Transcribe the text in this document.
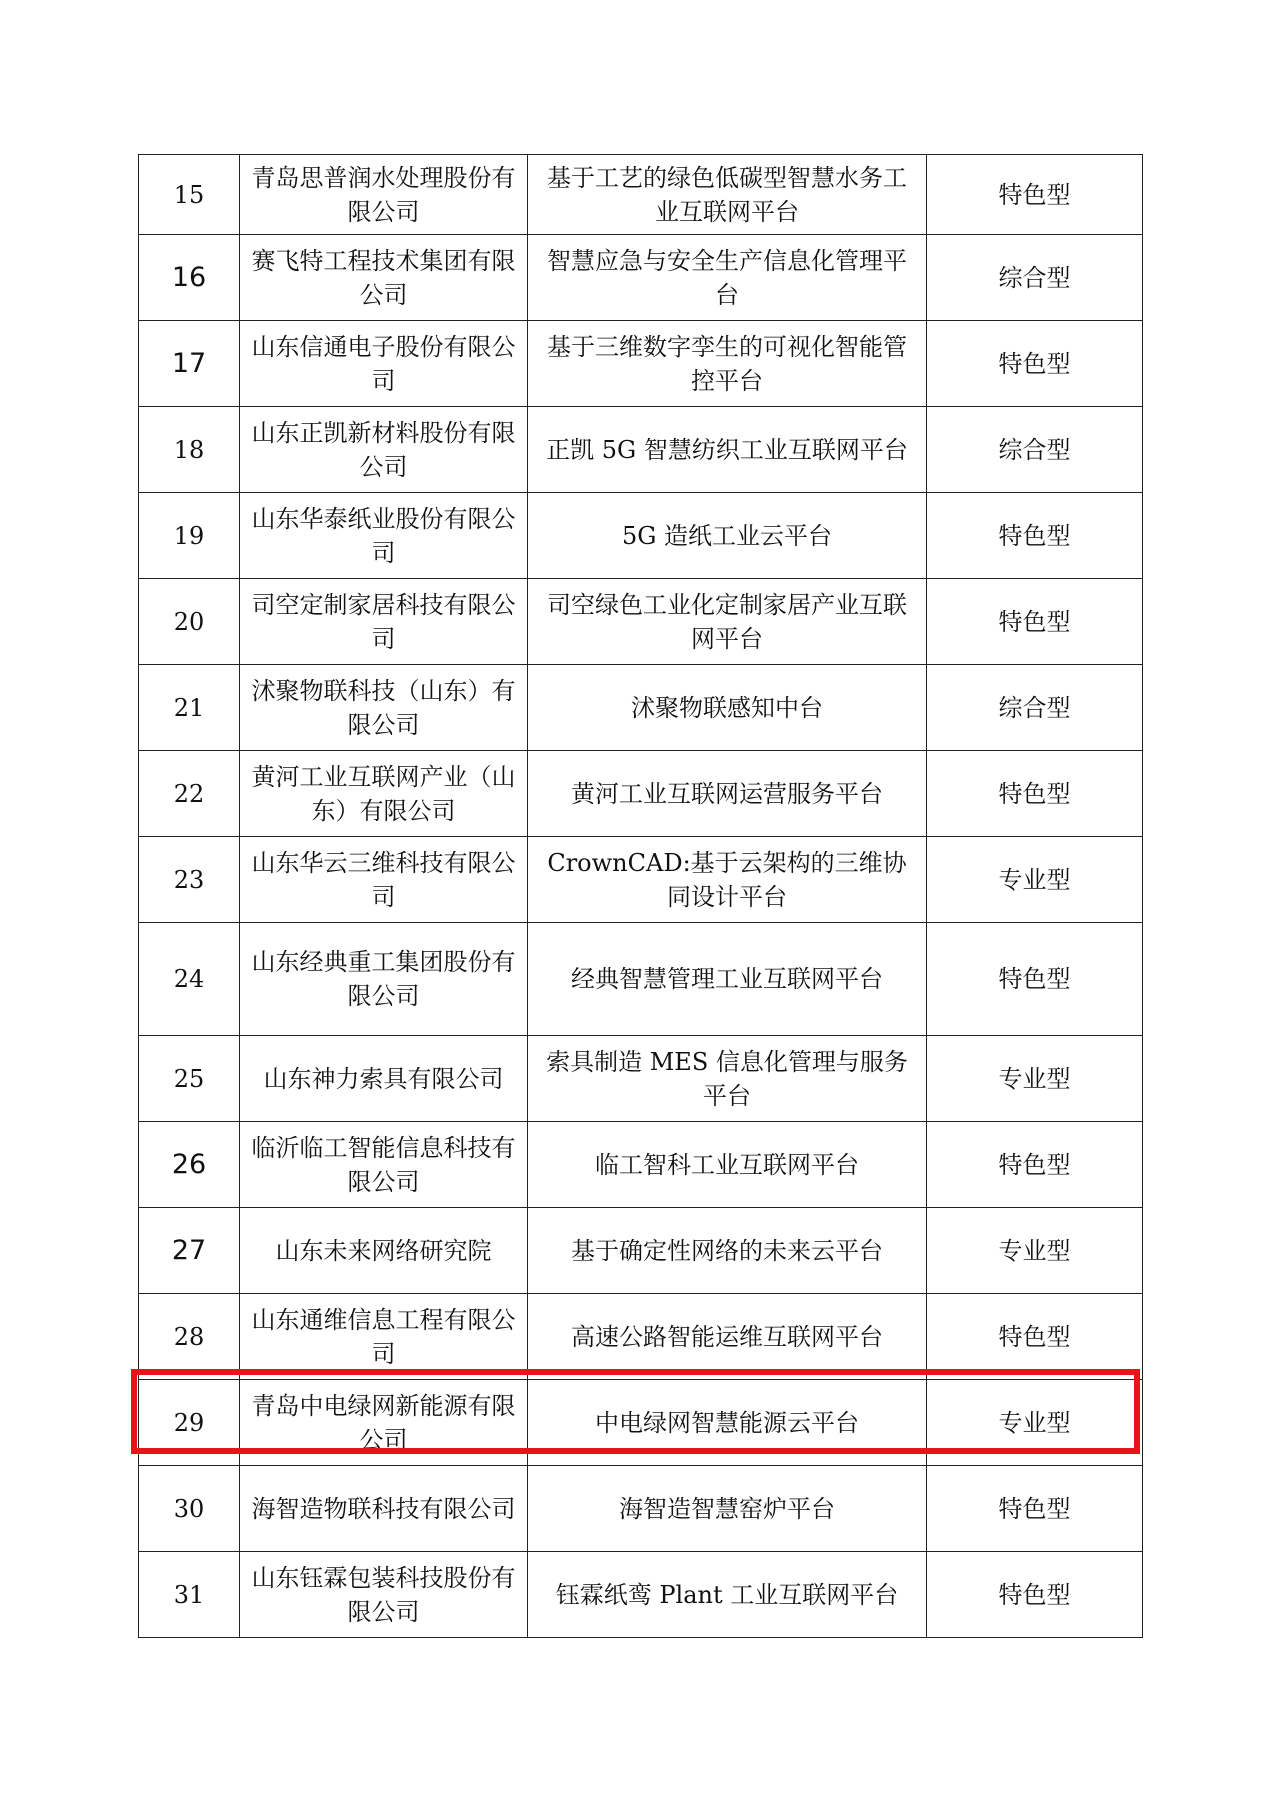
15	青岛思普润水处理股份有限公司	基于工艺的绿色低碳型智慧水务工业互联网平台	特色型
16	赛飞特工程技术集团有限公司	智慧应急与安全生产信息化管理平台	综合型
17	山东信通电子股份有限公司	基于三维数字孪生的可视化智能管控平台	特色型
18	山东正凯新材料股份有限公司	正凯 5G 智慧纺织工业互联网平台	综合型
19	山东华泰纸业股份有限公司	5G 造纸工业云平台	特色型
20	司空定制家居科技有限公司	司空绿色工业化定制家居产业互联网平台	特色型
21	沭聚物联科技（山东）有限公司	沭聚物联感知中台	综合型
22	黄河工业互联网产业（山东）有限公司	黄河工业互联网运营服务平台	特色型
23	山东华云三维科技有限公司	CrownCAD:基于云架构的三维协同设计平台	专业型
24	山东经典重工集团股份有限公司	经典智慧管理工业互联网平台	特色型
25	山东神力索具有限公司	索具制造 MES 信息化管理与服务平台	专业型
26	临沂临工智能信息科技有限公司	临工智科工业互联网平台	特色型
27	山东未来网络研究院	基于确定性网络的未来云平台	专业型
28	山东通维信息工程有限公司	高速公路智能运维互联网平台	特色型
29	青岛中电绿网新能源有限公司	中电绿网智慧能源云平台	专业型
30	海智造物联科技有限公司	海智造智慧窑炉平台	特色型
31	山东钰霖包装科技股份有限公司	钰霖纸鸾 Plant 工业互联网平台	特色型
